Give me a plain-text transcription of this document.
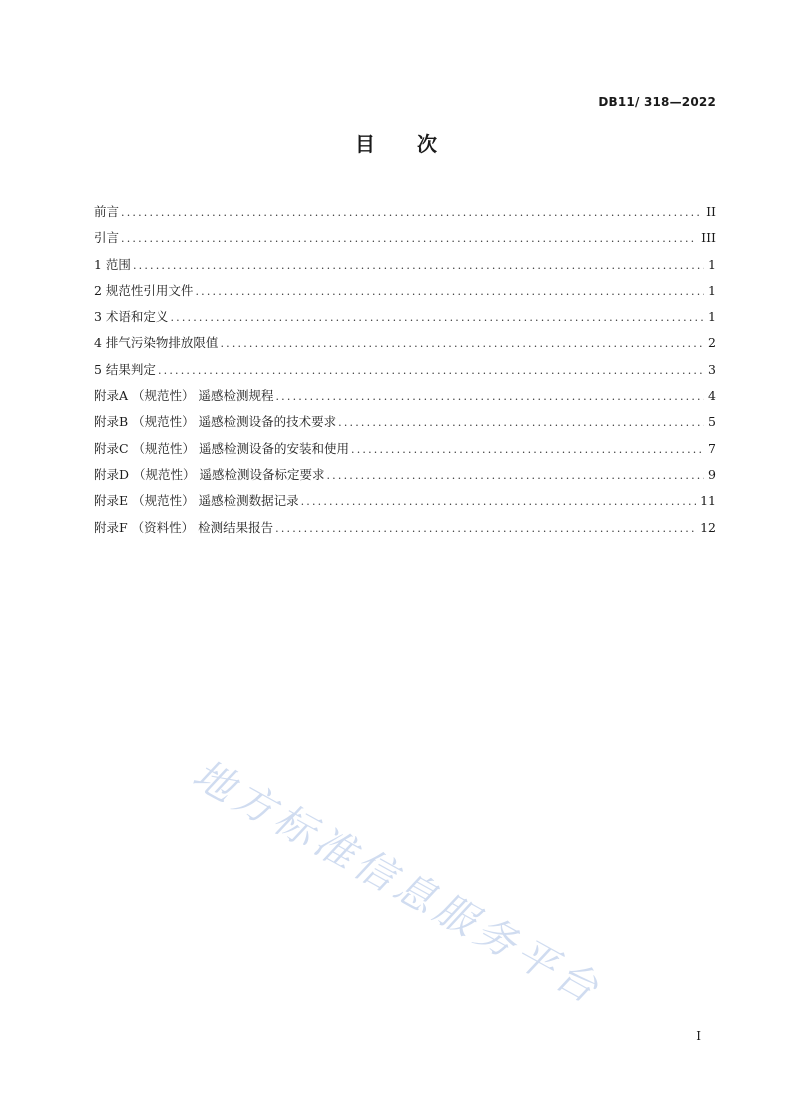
DB11/ 318—2022
目 次
前言 .....	II
引言 .....	III
1 范围 .....	1
2 规范性引用文件 .....	1
3 术语和定义 .....	1
4 排气污染物排放限值 .....	2
5 结果判定 .....	3
附录A （规范性） 遥感检测规程 .....	4
附录B （规范性） 遥感检测设备的技术要求 .....	5
附录C （规范性） 遥感检测设备的安装和使用 .....	7
附录D （规范性） 遥感检测设备标定要求 .....	9
附录E （规范性） 遥感检测数据记录 .....	11
附录F （资料性） 检测结果报告 .....	12
地方标准信息服务平台
I
